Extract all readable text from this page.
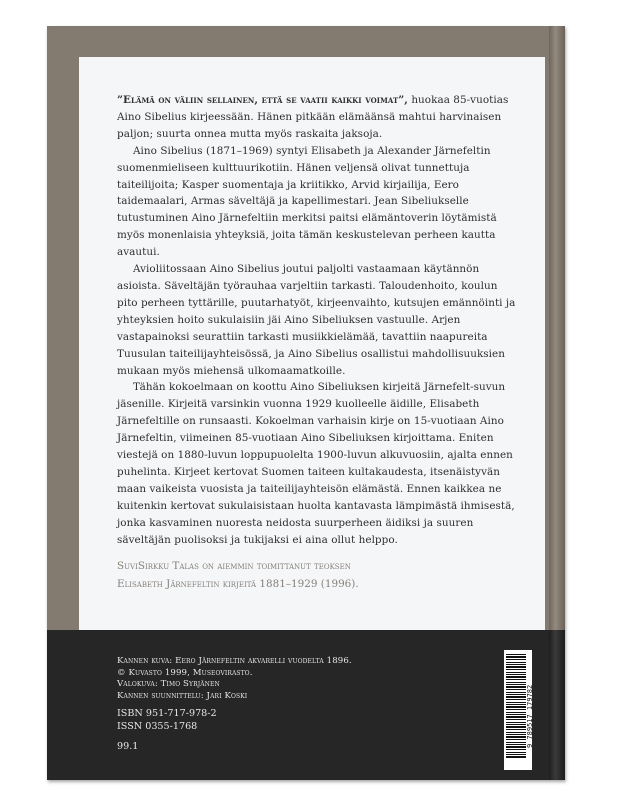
”Elämä on väliin sellainen, että se vaatii kaikki voimat”, huokaa 85-vuotias Aino Sibelius kirjeessään. Hänen pitkään elämäänsä mahtui harvinaisen paljon; suurta onnea mutta myös raskaita jaksoja.

Aino Sibelius (1871–1969) syntyi Elisabeth ja Alexander Järnefeltin suomenmieliseen kulttuurikotiin. Hänen veljensä olivat tunnettuja taiteilijoita; Kasper suomentaja ja kriitikko, Arvid kirjailija, Eero taidemaalari, Armas säveltäjä ja kapellimestari. Jean Sibeliukselle tutustuminen Aino Järnefeltiin merkitsi paitsi elämäntoverin löytämistä myös monenlaisia yhteyksiä, joita tämän keskustelevan perheen kautta avautui.

Avioliitossaan Aino Sibelius joutui paljolti vastaamaan käytännön asioista. Säveltäjän työrauhaa varjeltiin tarkasti. Taloudenhoito, koulun pito perheen tyttärille, puutarhatyöt, kirjeenvaihto, kutsujen emännöinti ja yhteyksien hoito sukulaisiin jäi Aino Sibeliuksen vastuulle. Arjen vastapainoksi seurattiin tarkasti musiikkielämää, tavattiin naapureita Tuusulan taiteilijayhteisössä, ja Aino Sibelius osallistui mahdollisuuksien mukaan myös miehensä ulkomaamatkoille.

Tähän kokoelmaan on koottu Aino Sibeliuksen kirjeitä Järnefelt-suvun jäsenille. Kirjeitä varsinkin vuonna 1929 kuolleelle äidille, Elisabeth Järnefeltille on runsaasti. Kokoelman varhaisin kirje on 15-vuotiaan Aino Järnefeltin, viimeinen 85-vuotiaan Aino Sibeliuksen kirjoittama. Eniten viestejä on 1880-luvun loppupuolelta 1900-luvun alkuvuosiin, ajalta ennen puhelinta. Kirjeet kertovat Suomen taiteen kultakaudesta, itsenäistyvän maan vaikeista vuosista ja taiteilijayhteisön elämästä. Ennen kaikkea ne kuitenkin kertovat sukulaisistaan huolta kantavasta lämpimästä ihmisestä, jonka kasvaminen nuoresta neidosta suurperheen äidiksi ja suuren säveltäjän puolisoksi ja tukijaksi ei aina ollut helppo.

SuviSirkku Talas on aiemmin toimittanut teoksen
Elisabeth Järnefeltin kirjeitä 1881–1929 (1996).
Kannen kuva: Eero Järnefeltin akvarelli vuodelta 1896.
© Kuvasto 1999, Museovirasto.
Valokuva: Timo Syrjänen
Kannen suunnittelu: Jari Koski
ISBN 951-717-978-2
ISSN 0355-1768
99.1	9 789517 179782
